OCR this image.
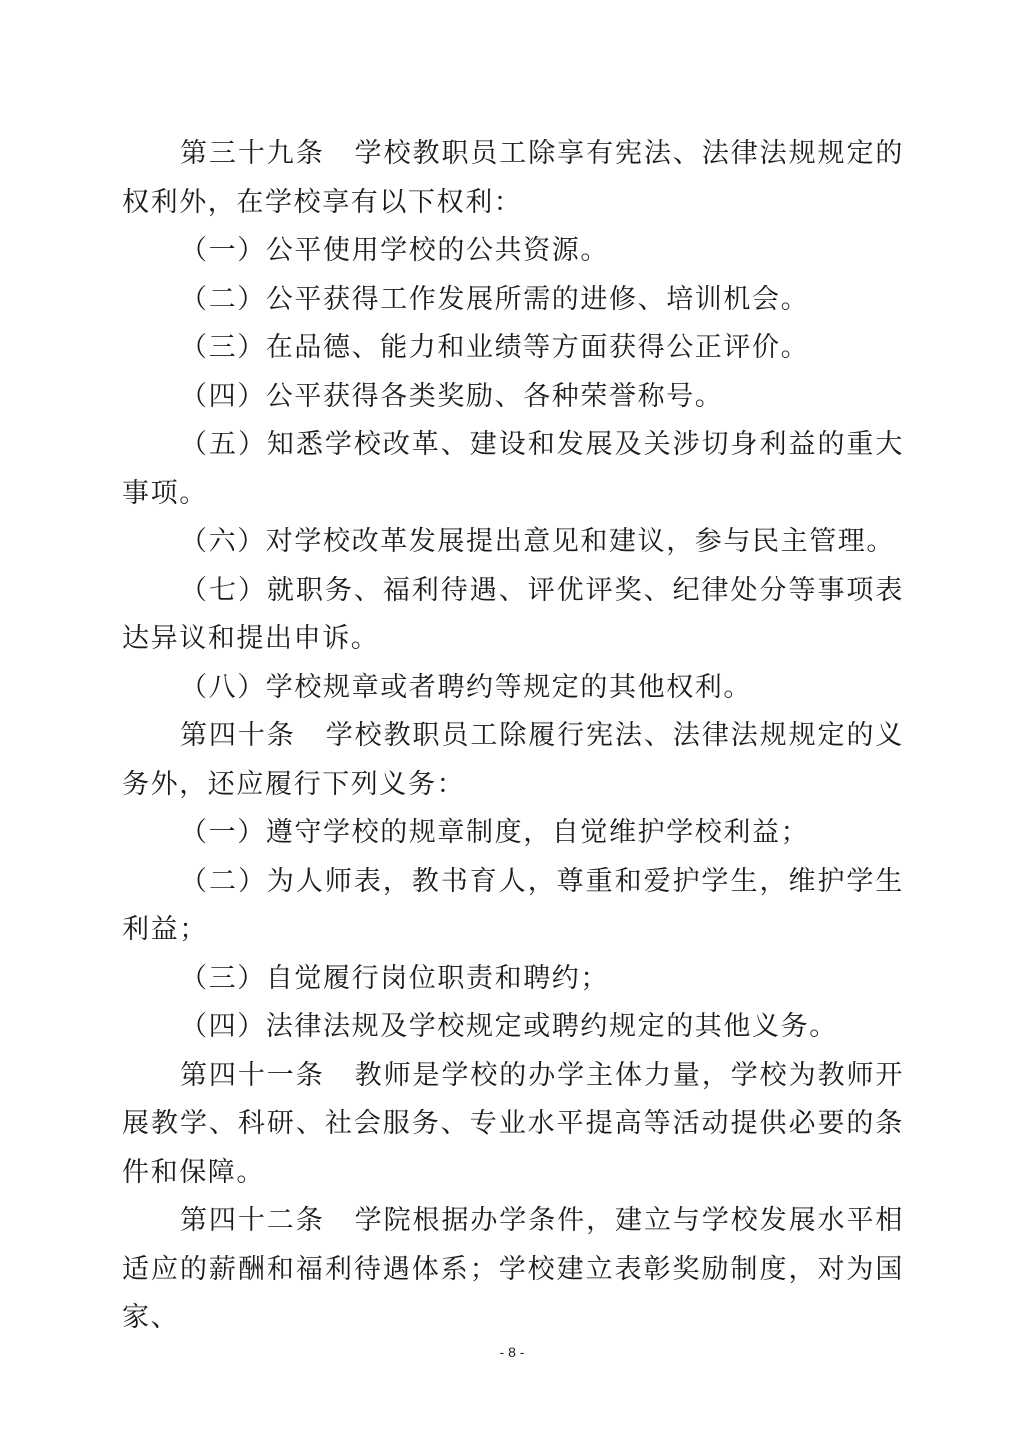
第三十九条 学校教职员工除享有宪法、法律法规规定的权利外，在学校享有以下权利：

（一）公平使用学校的公共资源。

（二）公平获得工作发展所需的进修、培训机会。

（三）在品德、能力和业绩等方面获得公正评价。

（四）公平获得各类奖励、各种荣誉称号。

（五）知悉学校改革、建设和发展及关涉切身利益的重大事项。

（六）对学校改革发展提出意见和建议，参与民主管理。

（七）就职务、福利待遇、评优评奖、纪律处分等事项表达异议和提出申诉。

（八）学校规章或者聘约等规定的其他权利。

第四十条 学校教职员工除履行宪法、法律法规规定的义务外，还应履行下列义务：

（一）遵守学校的规章制度，自觉维护学校利益；

（二）为人师表，教书育人，尊重和爱护学生，维护学生利益；

（三）自觉履行岗位职责和聘约；

（四）法律法规及学校规定或聘约规定的其他义务。

第四十一条 教师是学校的办学主体力量，学校为教师开展教学、科研、社会服务、专业水平提高等活动提供必要的条件和保障。

第四十二条 学院根据办学条件，建立与学校发展水平相适应的薪酬和福利待遇体系；学校建立表彰奖励制度，对为国家、

- 8 -
